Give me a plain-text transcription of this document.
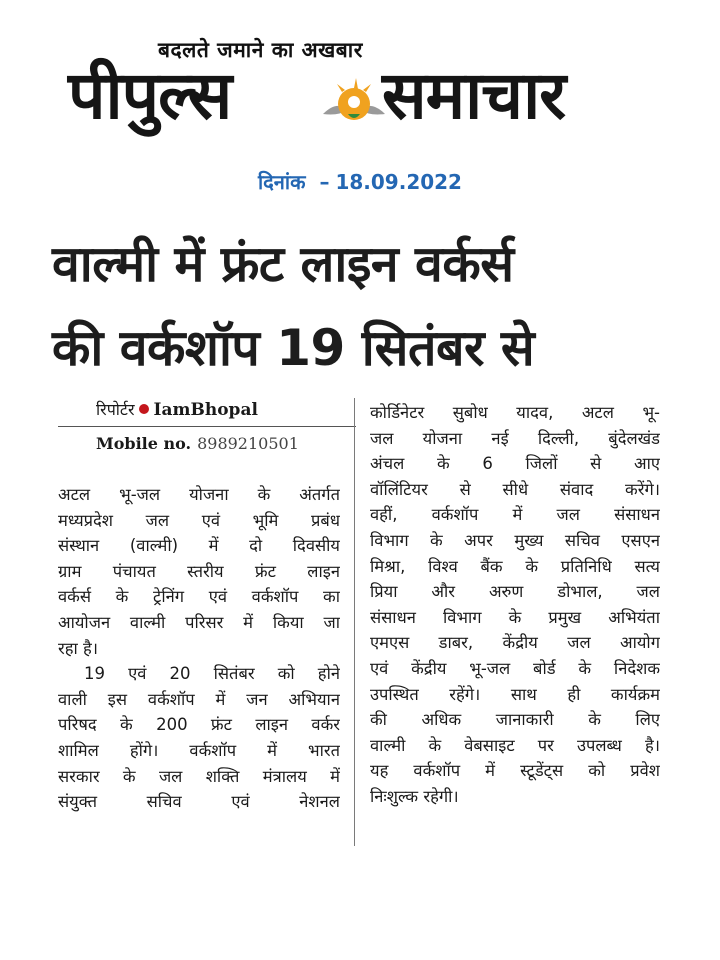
बदलते जमाने का अखबार
पीपुल्स समाचार
दिनांक – 18.09.2022
वाल्मी में फ्रंट लाइन वर्कर्स
की वर्कशॉप 19 सितंबर से
रिपोर्टर IamBhopal
Mobile no. 8989210501
अटल भू-जल योजना के अंतर्गत
मध्यप्रदेश जल एवं भूमि प्रबंध
संस्थान (वाल्मी) में दो दिवसीय
ग्राम पंचायत स्तरीय फ्रंट लाइन
वर्कर्स के ट्रेनिंग एवं वर्कशॉप का
आयोजन वाल्मी परिसर में किया जा
रहा है।
19 एवं 20 सितंबर को होने
वाली इस वर्कशॉप में जन अभियान
परिषद के 200 फ्रंट लाइन वर्कर
शामिल होंगे। वर्कशॉप में भारत
सरकार के जल शक्ति मंत्रालय में
संयुक्त सचिव एवं नेशनल
कोर्डिनेटर सुबोध यादव, अटल भू-
जल योजना नई दिल्ली, बुंदेलखंड
अंचल के 6 जिलों से आए
वॉलिंटियर से सीधे संवाद करेंगे।
वहीं, वर्कशॉप में जल संसाधन
विभाग के अपर मुख्य सचिव एसएन
मिश्रा, विश्व बैंक के प्रतिनिधि सत्य
प्रिया और अरुण डोभाल, जल
संसाधन विभाग के प्रमुख अभियंता
एमएस डाबर, केंद्रीय जल आयोग
एवं केंद्रीय भू-जल बोर्ड के निदेशक
उपस्थित रहेंगे। साथ ही कार्यक्रम
की अधिक जानाकारी के लिए
वाल्मी के वेबसाइट पर उपलब्ध है।
यह वर्कशॉप में स्टूडेंट्स को प्रवेश
निःशुल्क रहेगी।
